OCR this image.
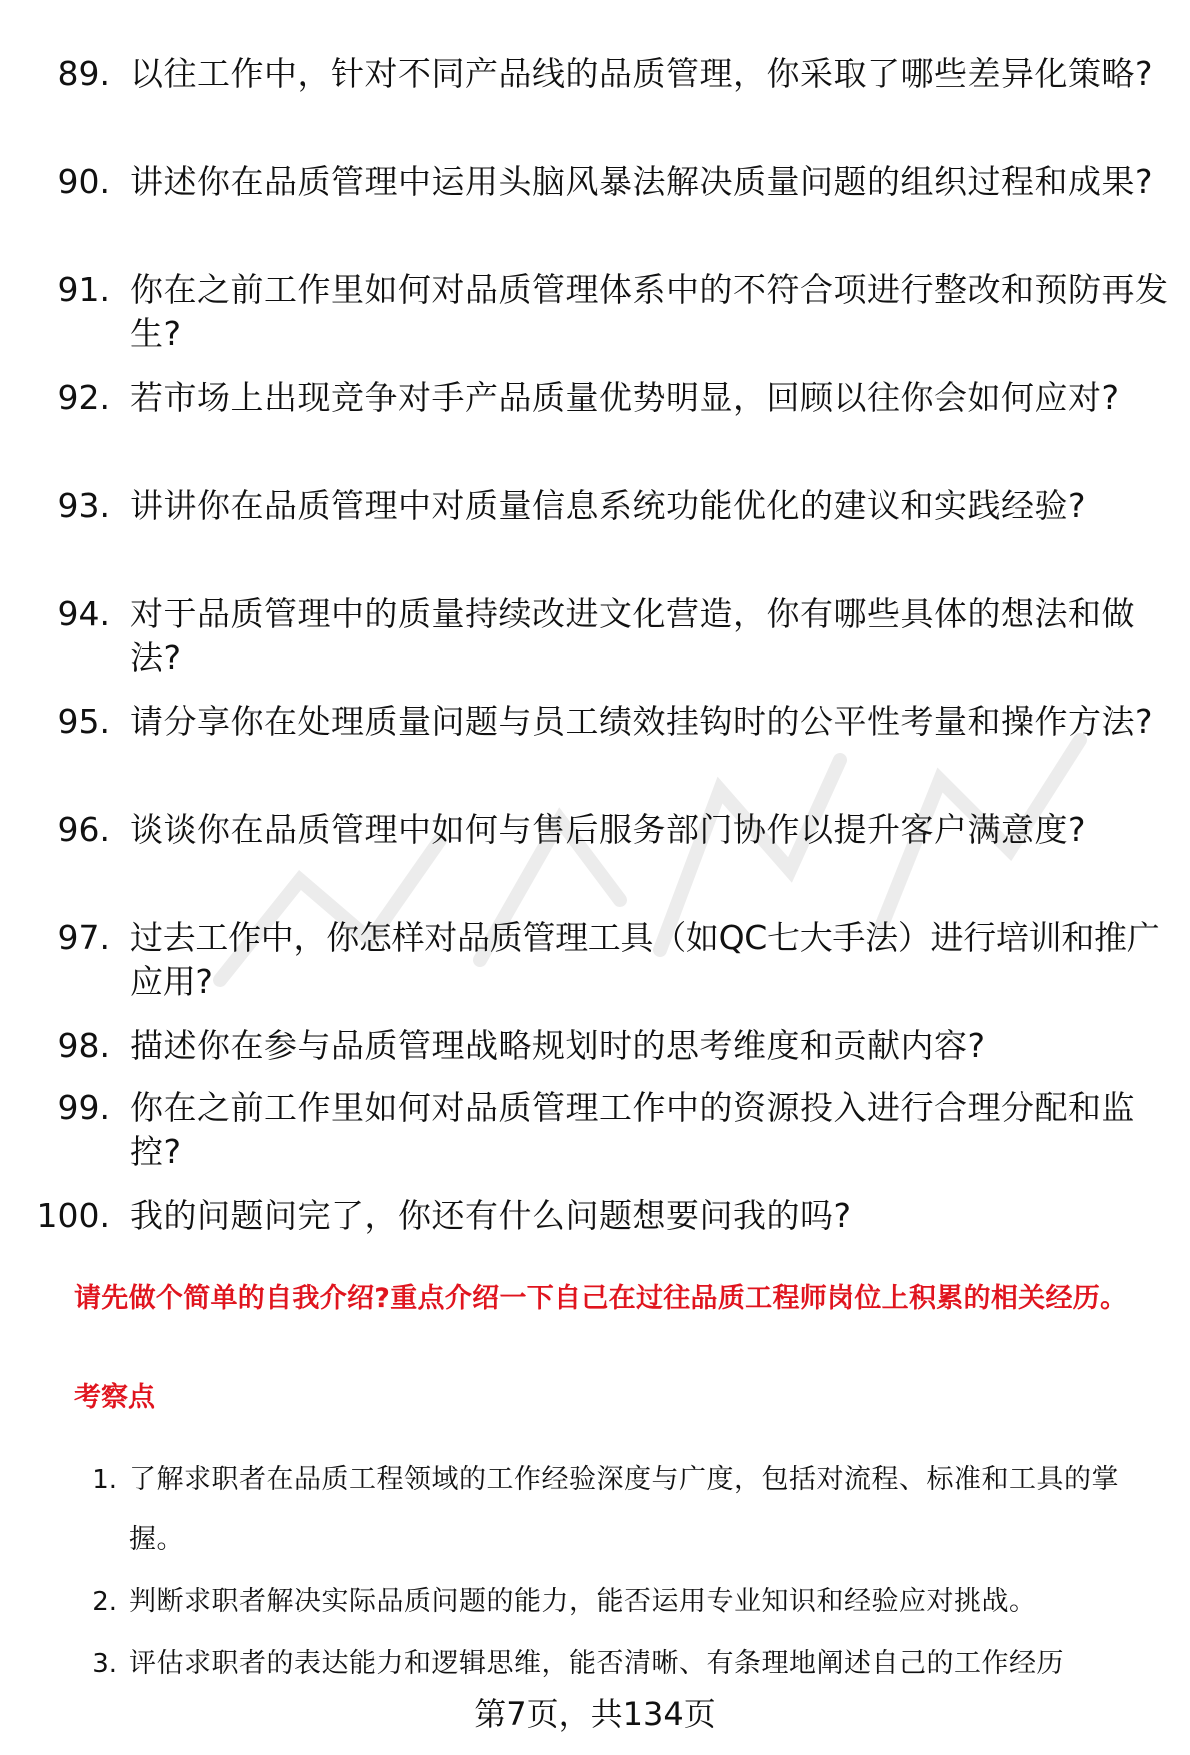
89. 以往工作中，针对不同产品线的品质管理，你采取了哪些差异化策略?
90. 讲述你在品质管理中运用头脑风暴法解决质量问题的组织过程和成果?
91. 你在之前工作里如何对品质管理体系中的不符合项进行整改和预防再发生?
92. 若市场上出现竞争对手产品质量优势明显，回顾以往你会如何应对?
93. 讲讲你在品质管理中对质量信息系统功能优化的建议和实践经验?
94. 对于品质管理中的质量持续改进文化营造，你有哪些具体的想法和做法?
95. 请分享你在处理质量问题与员工绩效挂钩时的公平性考量和操作方法?
96. 谈谈你在品质管理中如何与售后服务部门协作以提升客户满意度?
97. 过去工作中，你怎样对品质管理工具（如QC七大手法）进行培训和推广应用?
98. 描述你在参与品质管理战略规划时的思考维度和贡献内容?
99. 你在之前工作里如何对品质管理工作中的资源投入进行合理分配和监控?
100. 我的问题问完了，你还有什么问题想要问我的吗?
请先做个简单的自我介绍?重点介绍一下自己在过往品质工程师岗位上积累的相关经历。
考察点
1. 了解求职者在品质工程领域的工作经验深度与广度，包括对流程、标准和工具的掌握。
2. 判断求职者解决实际品质问题的能力，能否运用专业知识和经验应对挑战。
3. 评估求职者的表达能力和逻辑思维，能否清晰、有条理地阐述自己的工作经历
第7页，共134页
